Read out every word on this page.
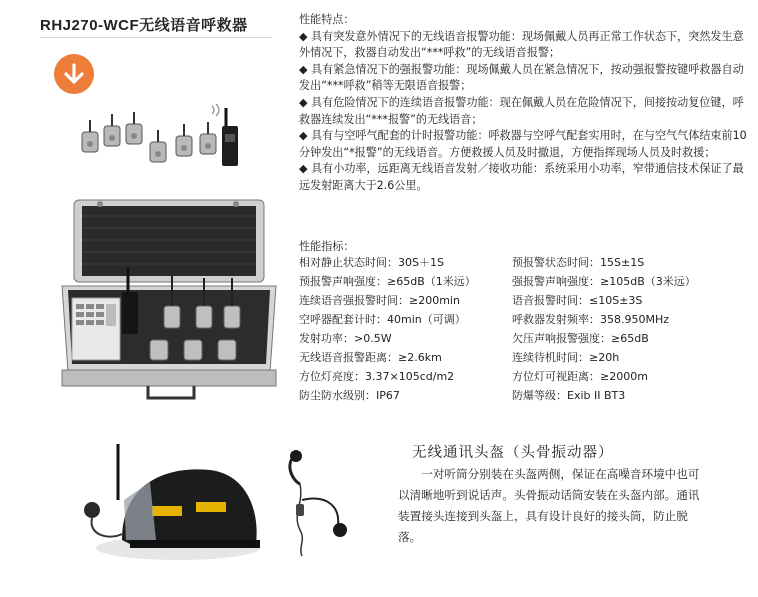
RHJ270-WCF无线语音呼救器	性能特点：

◆ 具有突发意外情况下的无线语音报警功能：现场佩戴人员再正常工作状态下，突然发生意外情况下，救器自动发出“***呼救”的无线语音报警；

◆ 具有紧急情况下的强报警功能：现场佩戴人员在紧急情况下，按动强报警按键呼救器自动发出“***呼救”稍等无限语音报警；

◆ 具有危险情况下的连续语音报警功能：现在佩戴人员在危险情况下，间接按动复位键，呼救器连续发出“***报警”的无线语音；

◆ 具有与空呼气配套的计时报警功能：呼救器与空呼气配套实用时，在与空气气体结束前10分钟发出“*报警”的无线语音。方便救援人员及时撤退，方便指挥现场人员及时救援；

◆ 具有小功率，远距离无线语音发射／接收功能：系统采用小功率，窄带通信技术保证了最远发射距离大于2.6公里。

性能指标：
相对静止状态时间：30S＋1S
预报警声响强度：≥65dB（1米远）
连续语音强报警时间：≥200min
空呼器配套计时：40min（可调）
发射功率：>0.5W
无线语音报警距离：≥2.6km
方位灯亮度：3.37×105cd/m2
防尘防水级别：IP67
预报警状态时间：15S±1S
强报警声响强度：≥105dB（3米远）
语音报警时间：≤10S±3S
呼救器发射频率：358.950MHz
欠压声响报警强度：≥65dB
连续待机时间：≥20h
方位灯可视距离：≥2000m
防爆等级：Exib II BT3
无线通讯头盔（头骨振动器）
一对听筒分别装在头盔两侧，保证在高噪音环境中也可以清晰地听到说话声。头骨振动话筒安装在头盔内部。通讯装置接头连接到头盔上，具有设计良好的接头筒，防止脱落。
